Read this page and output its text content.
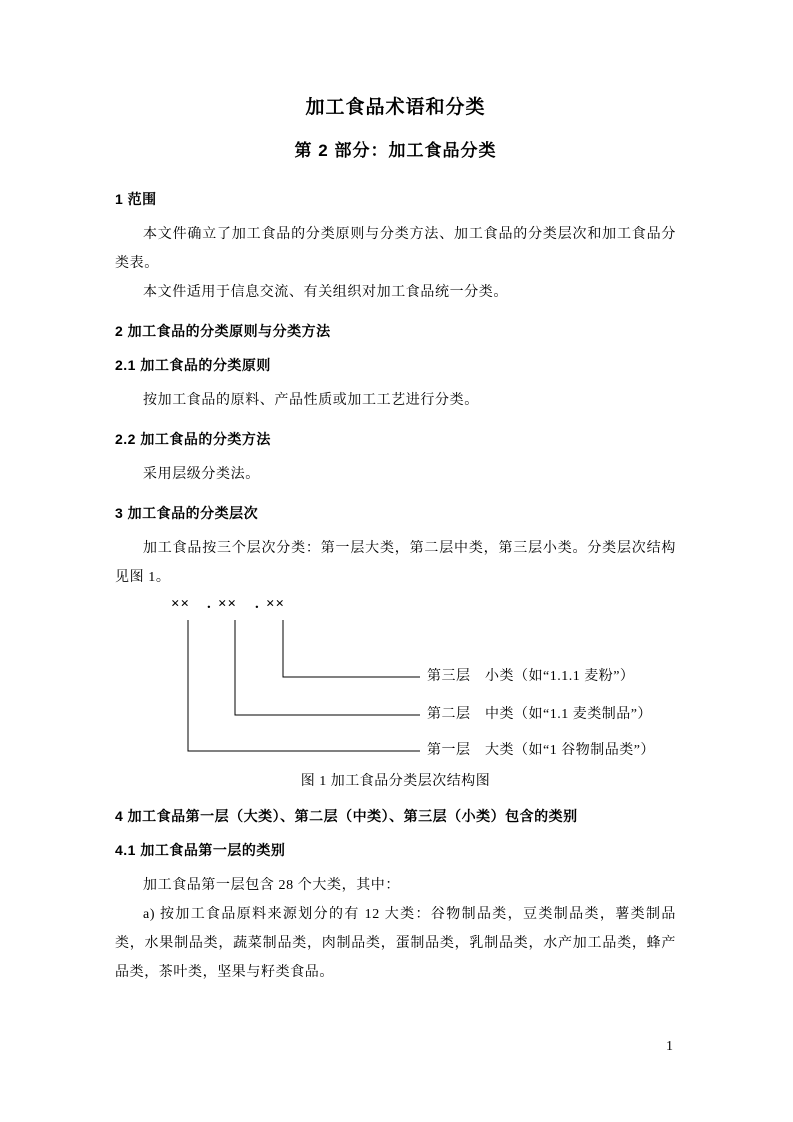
加工食品术语和分类
第 2 部分：加工食品分类
1 范围

本文件确立了加工食品的分类原则与分类方法、加工食品的分类层次和加工食品分类表。

本文件适用于信息交流、有关组织对加工食品统一分类。

2 加工食品的分类原则与分类方法
2.1 加工食品的分类原则

按加工食品的原料、产品性质或加工工艺进行分类。

2.2 加工食品的分类方法

采用层级分类法。

3 加工食品的分类层次

加工食品按三个层次分类：第一层大类，第二层中类，第三层小类。分类层次结构见图 1。

×× . ×× . ××
第三层　小类（如“1.1.1 麦粉”）
第二层　中类（如“1.1 麦类制品”）
第一层　大类（如“1 谷物制品类”）

图 1 加工食品分类层次结构图

4 加工食品第一层（大类）、第二层（中类）、第三层（小类）包含的类别
4.1 加工食品第一层的类别

加工食品第一层包含 28 个大类，其中：

a) 按加工食品原料来源划分的有 12 大类：谷物制品类，豆类制品类，薯类制品类，水果制品类，蔬菜制品类，肉制品类，蛋制品类，乳制品类，水产加工品类，蜂产品类，茶叶类，坚果与籽类食品。

1
